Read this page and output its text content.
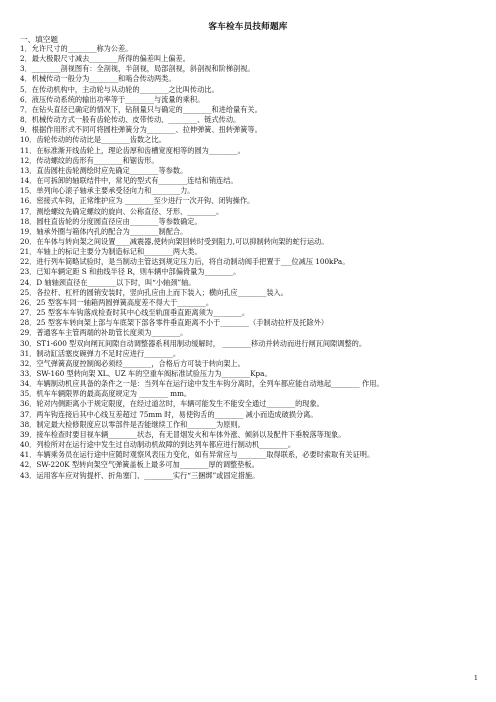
客车检车员技师题库
一、填空题
1．允许尺寸的________称为公差。
2．最大极限尺寸减去________所得的偏差叫上偏差。
3．________剖视图有：全剖视，半剖视，局部剖视，斜剖视和阶梯剖视。
4．机械传动一般分为________和啮合传动两类。
5．在传动机构中，主动轮与从动轮的________之比叫传动比。
6．液压传动系统的输出功率等于________与流量的乘积。
7．在钻头直径已确定的情况下，钻削量只与确定的________和进给量有关。
8．机械传动方式一般有齿轮传动、皮带传动、________、链式传动。
9．根据作用形式不同可将圆柱弹簧分为________、拉伸弹簧、扭转弹簧等。
10．齿轮传动的传动比是________齿数之比。
11．在标准渐开线齿轮上，理论齿厚和齿槽宽度相等的圆为________。
12．传动螺纹的齿形有________和锯齿形。
13．直齿圆柱齿轮测绘时应先确定________等参数。
14．在可拆卸的轴联结件中，常见的型式有________连结和销连结。
15．单列向心滚子轴承主要承受径向力和________力。
16．密接式车钩，正常维护应为 ________至少进行一次开钩、闭钩操作。
17．测绘螺纹先确定螺纹的旋向、公称直径、牙形、________。
18．圆柱直齿轮的分度圆直径应由________等参数确定。
19．轴承外圈与箱体内孔的配合为________制配合。
20．在车体与转向架之间设置____减震器,使转向架回转时受到阻力,可以抑制转向架的蛇行运动。
21．车轴上的标记主要分为制造标记和________两大类。
22．进行列车简略试验时，是当制动主管达到规定压力后，将自动制动阀手把置于___位减压 100kPa。
23．已知车辆定距 S 和曲线半径 R，则车辆中部偏倚量为________。
24．D 轴轴颈直径在________以下时，叫“小轴颈”轴。
25．各拉杆、杠杆的圆销安装时，竖向孔应由上而下装入；横向孔应________装入。
26．25 型客车同一轴箱两圆弹簧高度差不得大于________。
27．25 型客车车钩落成检查时其中心线至轨面垂直距离须为________。
28．25 型客车转向架上部与车底架下部各零件垂直距离不小于________（手制动拉杆及托除外）
29．普通客车主管两端的补助管长度须为________。
30．ST1-600 型双向闸瓦间隙自动调整器系利用制动缓解时， ________移动并转动而进行闸瓦间隙调整的。
31．制动缸活塞皮碗弹力不足时应进行________。
32．空气弹簧高度控制阀必须经________，合格后方可装于转向架上。
33．SW-160 型转向架 XL、UZ 车的空重车阀标准试验压力为________Kpa。
34．车辆制动机应具备的条件之一是：当列车在运行途中发生车钩分离时，全列车都应能自动地起________ 作用。
35．机车车辆限界的最高高度规定为 ________ mm。
36．轮对内侧距离小于规定限度，在经过道岔时，车辆可能发生不能安全通过________的现象。
37．两车钩连接后其中心线互差超过 75mm 时，易使钩舌的________ 减小而造成破损分离。
38．制定最大检修限度应以零部件是否能继续工作和________为原则。
39．接车检查时要目视车辆________状态，有无冒烟发火和车体外涨、倾斜以及配件下垂脱落等现象。
40．列检所对在运行途中发生过自动制动机故障的到达列车都应进行制动机________。
41．车辆乘务员在运行途中应随时观察风表压力变化，如有异常应与________取得联系，必要时索取有关证明。
42．SW-220K 型转向架空气弹簧盖板上最多可加________厚的调整垫板。
43．运用客车应对钩提杆、折角塞门、________实行“三捆绑”或固定措施。
1
